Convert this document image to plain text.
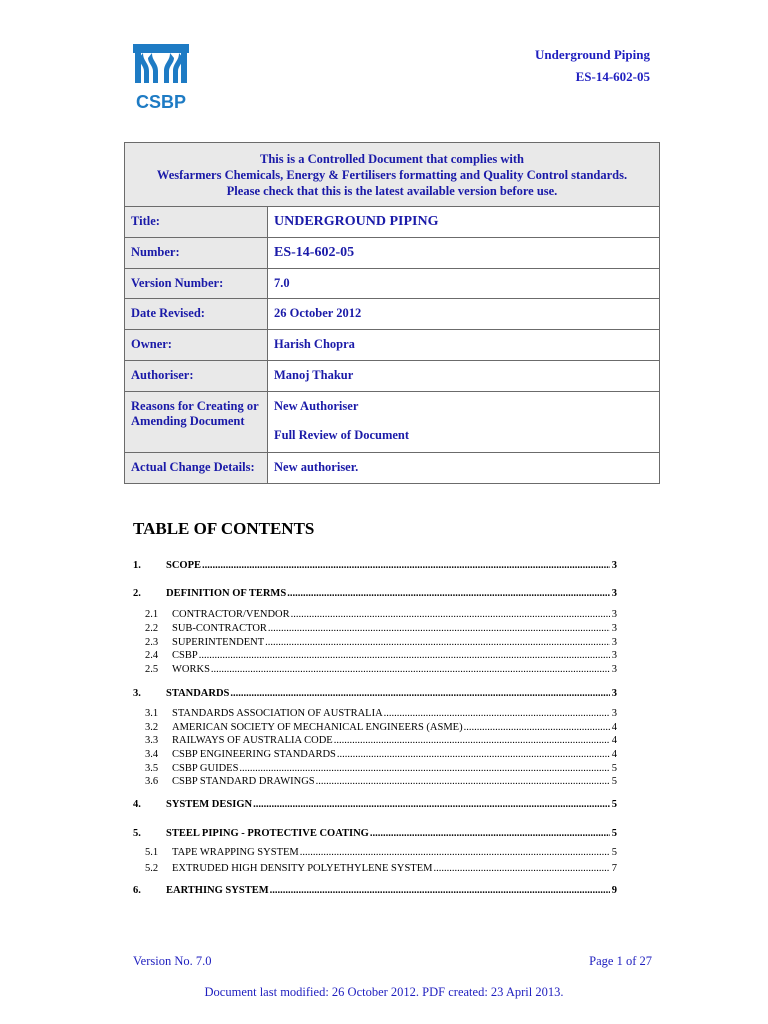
CSBP
Underground Piping
ES-14-602-05
This is a Controlled Document that complies with
Wesfarmers Chemicals, Energy & Fertilisers formatting and Quality Control standards.
Please check that this is the latest available version before use.	

Title:	UNDERGROUND PIPING
Number:	ES-14-602-05
Version Number:	7.0
Date Revised:	26 October 2012
Owner:	Harish Chopra
Authoriser:	Manoj Thakur
Reasons for Creating or Amending Document	New Authoriser
Full Review of Document

Actual Change Details:	New authoriser.
TABLE OF CONTENTS
1.	SCOPE .....	3
2.	DEFINITION OF TERMS .....	3
2.1	CONTRACTOR/VENDOR .....	3
2.2	SUB-CONTRACTOR .....	3
2.3	SUPERINTENDENT .....	3
2.4	CSBP .....	3
2.5	WORKS .....	3
3.	STANDARDS .....	3
3.1	STANDARDS ASSOCIATION OF AUSTRALIA .....	3
3.2	AMERICAN SOCIETY OF MECHANICAL ENGINEERS (ASME) .....	4
3.3	RAILWAYS OF AUSTRALIA CODE .....	4
3.4	CSBP ENGINEERING STANDARDS .....	4
3.5	CSBP GUIDES .....	5
3.6	CSBP STANDARD DRAWINGS .....	5
4.	SYSTEM DESIGN .....	5
5.	STEEL PIPING - PROTECTIVE COATING .....	5
5.1	TAPE WRAPPING SYSTEM .....	5
5.2	EXTRUDED HIGH DENSITY POLYETHYLENE SYSTEM .....	7
6.	EARTHING SYSTEM .....	9
Version No. 7.0	Page 1 of 27
Document last modified: 26 October 2012. PDF created: 23 April 2013.
